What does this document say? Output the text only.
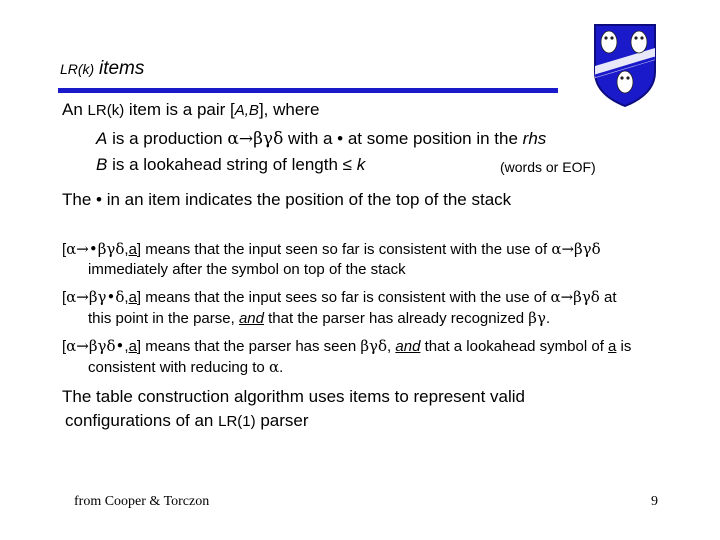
LR(k) items
An LR(k) item is a pair [A,B], where
A is a production α→βγδ with a • at some position in the rhs
B is a lookahead string of length ≤ k	(words or EOF)
The • in an item indicates the position of the top of the stack
[α→•βγδ,a] means that the input seen so far is consistent with the use of α→βγδ
immediately after the symbol on top of the stack
[α→βγ•δ,a] means that the input sees so far is consistent with the use of α→βγδ at
this point in the parse, and that the parser has already recognized βγ.
[α→βγδ•,a] means that the parser has seen βγδ, and that a lookahead symbol of a is
consistent with reducing to α.
The table construction algorithm uses items to represent valid
configurations of an LR(1) parser
from Cooper & Torczon	9
